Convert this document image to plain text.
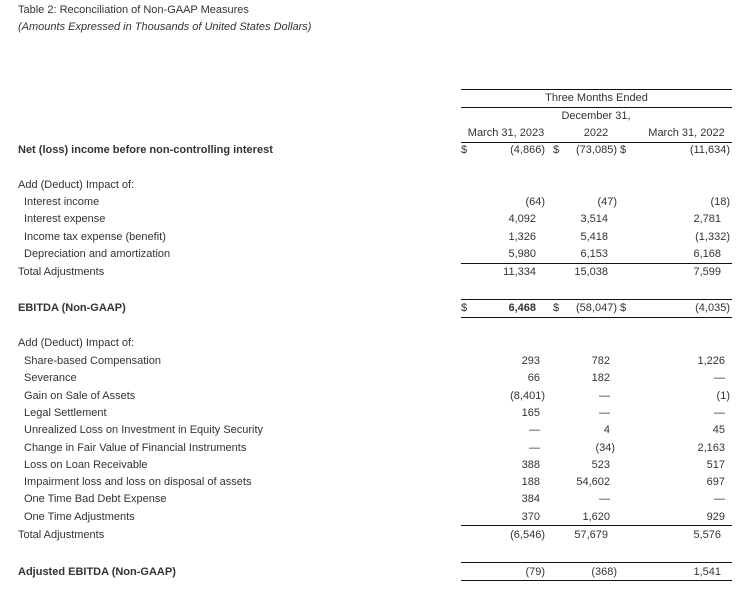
Table 2: Reconciliation of Non-GAAP Measures
(Amounts Expressed in Thousands of United States Dollars)
Three Months Ended
December 31,
March 31, 2023	2022	March 31, 2022
Net (loss) income before non-controlling interest	$	(4,866) $	(73,085) $	(11,634)
Add (Deduct) Impact of:
Interest income	(64)	(47)	(18)
Interest expense	4,092	3,514	2,781
Income tax expense (benefit)	1,326	5,418	(1,332)
Depreciation and amortization	5,980	6,153	6,168
Total Adjustments	11,334	15,038	7,599
EBITDA (Non-GAAP)	$	6,468	$	(58,047) $	(4,035)
Add (Deduct) Impact of:
Share-based Compensation	293	782	1,226
Severance	66	182	—
Gain on Sale of Assets	(8,401)	—	(1)
Legal Settlement	165	—	—
Unrealized Loss on Investment in Equity Security	—	4	45
Change in Fair Value of Financial Instruments	—	(34)	2,163
Loss on Loan Receivable	388	523	517
Impairment loss and loss on disposal of assets	188	54,602	697
One Time Bad Debt Expense	384	—	—
One Time Adjustments	370	1,620	929
Total Adjustments	(6,546)	57,679	5,576
Adjusted EBITDA (Non-GAAP)	(79)	(368)	1,541
